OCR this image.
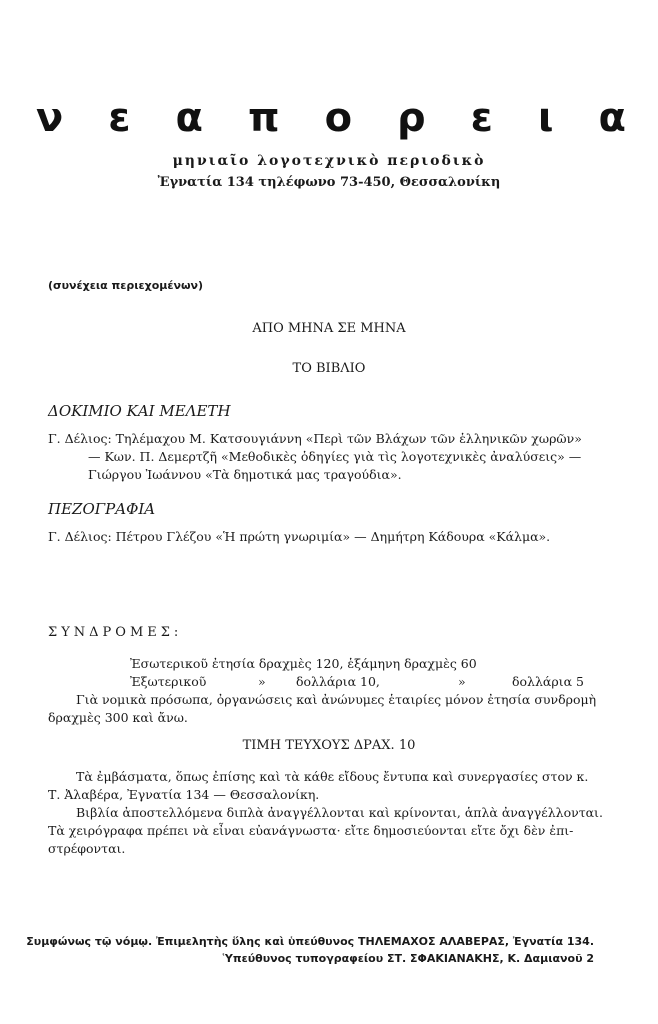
ν ε α π ο ρ ε ι α
μηνιαῖο λογοτεχνικὸ περιοδικὸ
Ἐγνατία 134 τηλέφωνο 73-450, Θεσσαλονίκη
(συνέχεια περιεχομένων)
ΑΠΟ ΜΗΝΑ ΣΕ ΜΗΝΑ
ΤΟ ΒΙΒΛΙΟ
ΔΟΚΙΜΙΟ ΚΑΙ ΜΕΛΕΤΗ
Γ. Δέλιος: Τηλέμαχου Μ. Κατσουγιάννη «Περὶ τῶν Βλάχων τῶν ἑλληνικῶν χωρῶν»
— Κων. Π. Δεμερτζῆ «Μεθοδικὲς ὁδηγίες γιὰ τὶς λογοτεχνικὲς ἀναλύσεις» —
Γιώργου Ἰωάννου «Τὰ δημοτικά μας τραγούδια».
ΠΕΖΟΓΡΑΦΙΑ
Γ. Δέλιος: Πέτρου Γλέζου «Ἡ πρώτη γνωριμία» — Δημήτρη Κάδουρα «Κάλμα».
ΣΥΝΔΡΟΜΕΣ:
Ἐσωτερικοῦ ἐτησία δραχμὲς 120, ἑξάμηνη δραχμὲς 60
Ἐξωτερικοῦ	» δολλάρια 10,	»	δολλάρια 5
Γιὰ νομικὰ πρόσωπα, ὀργανώσεις καὶ ἀνώνυμες ἑταιρίες μόνον ἐτησία συνδρομὴ
δραχμὲς 300 καὶ ἄνω.
ΤΙΜΗ ΤΕΥΧΟΥΣ ΔΡΑΧ. 10
Τὰ ἐμβάσματα, ὅπως ἐπίσης καὶ τὰ κάθε εἴδους ἔντυπα καὶ συνεργασίες στον κ.
Τ. Ἀλαβέρα, Ἐγνατία 134 — Θεσσαλονίκη.
Βιβλία ἀποστελλόμενα διπλὰ ἀναγγέλλονται καὶ κρίνονται, ἁπλὰ ἀναγγέλλονται.
Τὰ χειρόγραφα πρέπει νὰ εἶναι εὐανάγνωστα· εἴτε δημοσιεύονται εἴτε ὄχι δὲν ἐπι-
στρέφονται.
Συμφώνως τῷ νόμῳ. Ἐπιμελητὴς ὕλης καὶ ὑπεύθυνος ΤΗΛΕΜΑΧΟΣ ΑΛΑΒΕΡΑΣ, Ἐγνατία 134.
Ὑπεύθυνος τυπογραφείου ΣΤ. ΣΦΑΚΙΑΝΑΚΗΣ, Κ. Δαμιανοῦ 2
